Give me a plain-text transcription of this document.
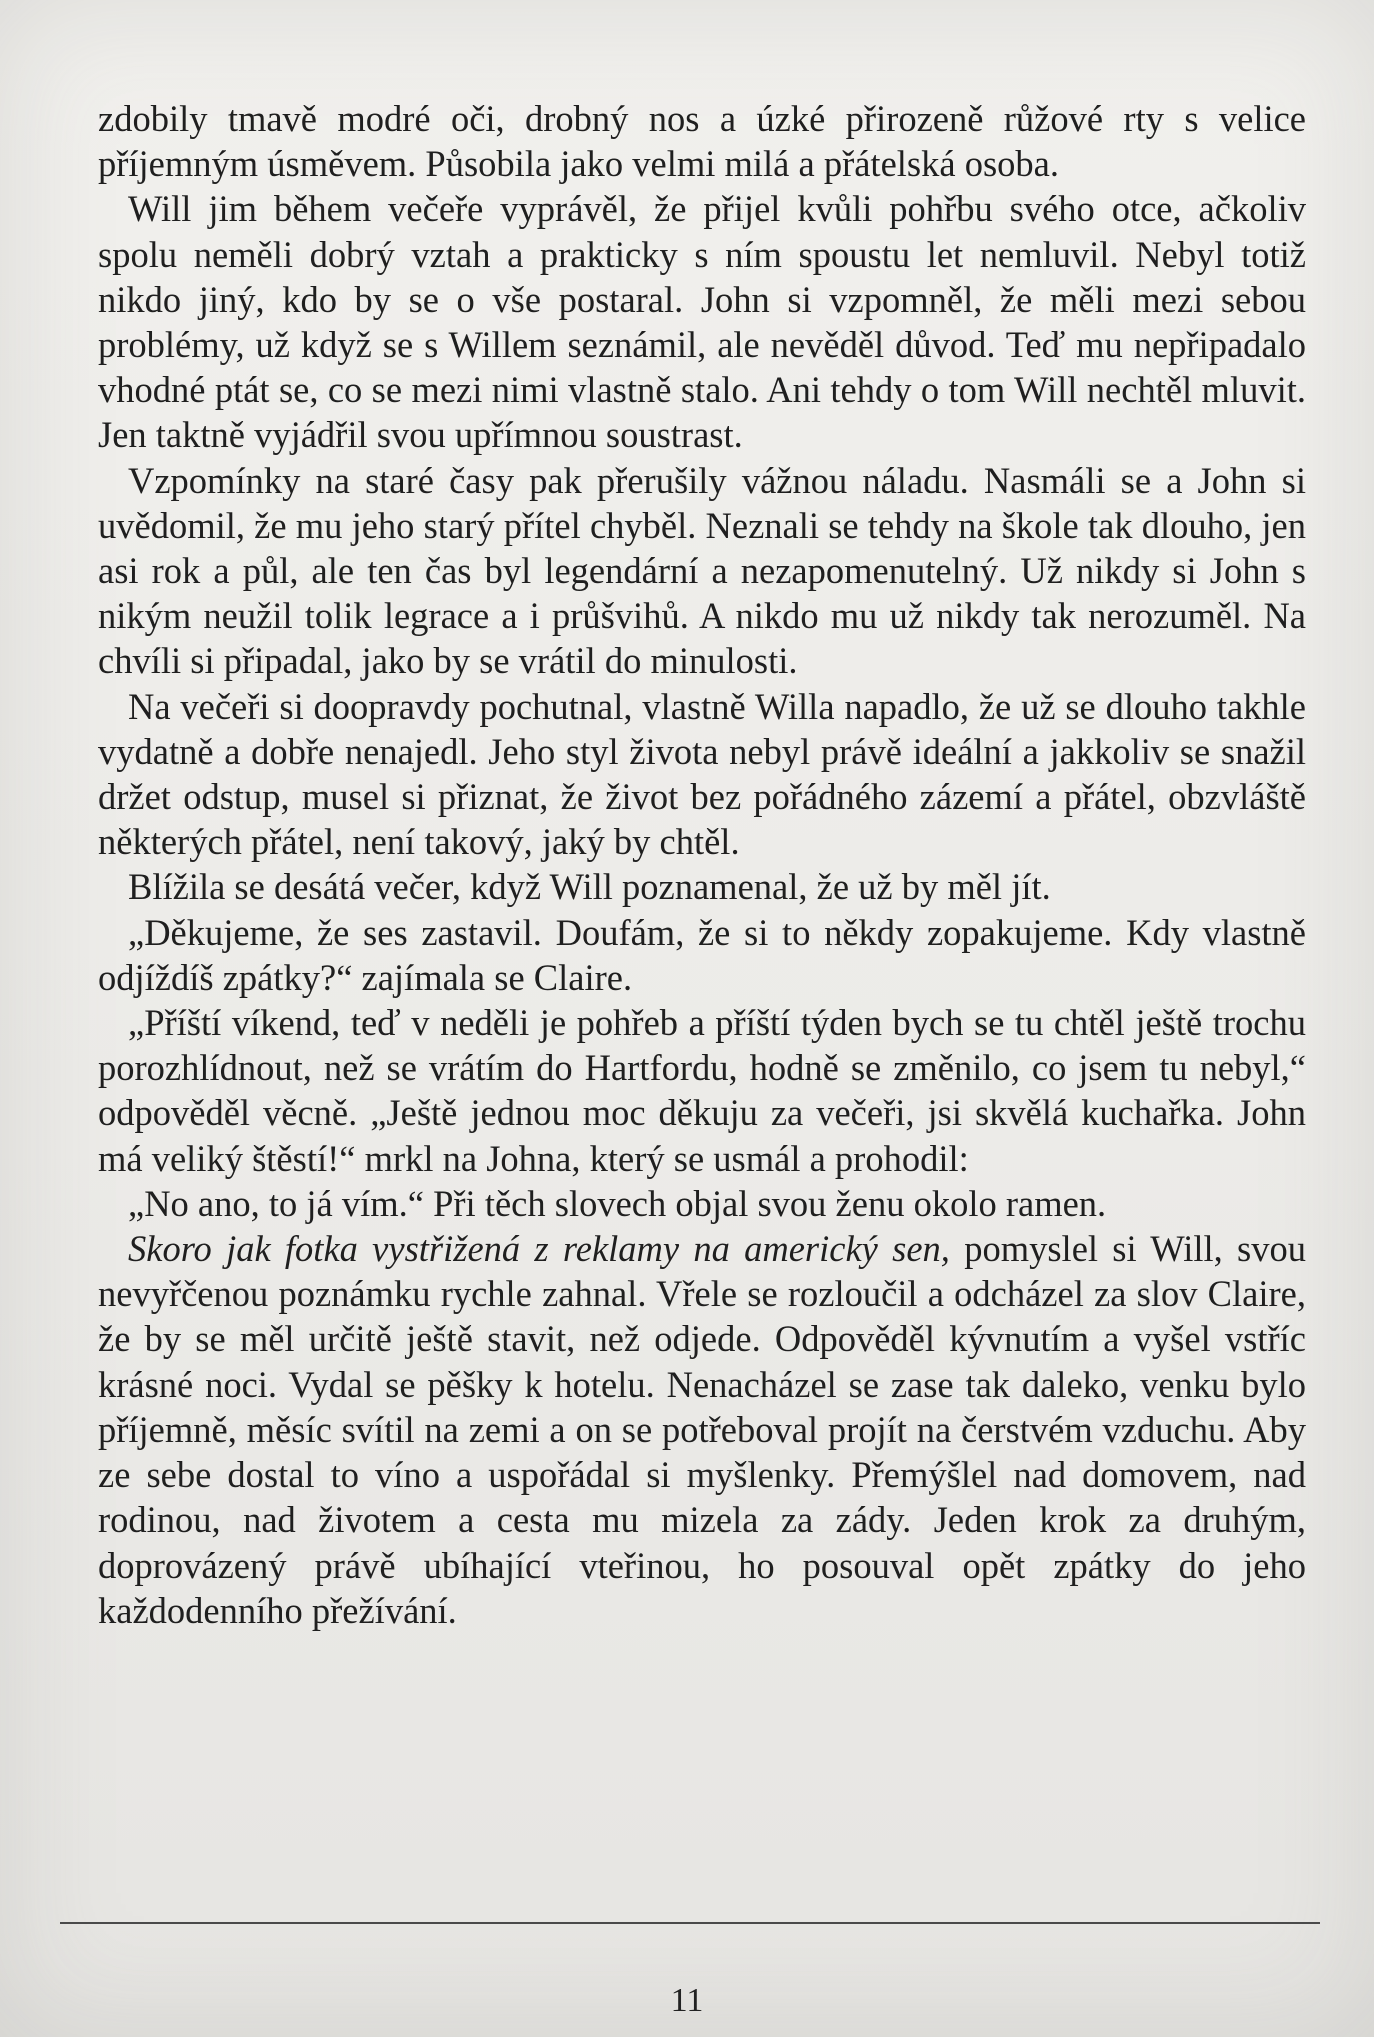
zdobily tmavě modré oči, drobný nos a úzké přirozeně růžové rty s velice příjemným úsměvem. Působila jako velmi milá a přátelská osoba.

Will jim během večeře vyprávěl, že přijel kvůli pohřbu svého otce, ačkoliv spolu neměli dobrý vztah a prakticky s ním spoustu let nemluvil. Nebyl totiž nikdo jiný, kdo by se o vše postaral. John si vzpomněl, že měli mezi sebou problémy, už když se s Willem seznámil, ale nevěděl důvod. Teď mu nepřipadalo vhodné ptát se, co se mezi nimi vlastně stalo. Ani tehdy o tom Will nechtěl mluvit. Jen taktně vyjádřil svou upřímnou soustrast.

Vzpomínky na staré časy pak přerušily vážnou náladu. Nasmáli se a John si uvědomil, že mu jeho starý přítel chyběl. Neznali se tehdy na škole tak dlouho, jen asi rok a půl, ale ten čas byl legendární a nezapomenutelný. Už nikdy si John s nikým neužil tolik legrace a i průšvihů. A nikdo mu už nikdy tak nerozuměl. Na chvíli si připadal, jako by se vrátil do minulosti.

Na večeři si doopravdy pochutnal, vlastně Willa napadlo, že už se dlouho takhle vydatně a dobře nenajedl. Jeho styl života nebyl právě ideální a jakkoliv se snažil držet odstup, musel si přiznat, že život bez pořádného zázemí a přátel, obzvláště některých přátel, není takový, jaký by chtěl.

Blížila se desátá večer, když Will poznamenal, že už by měl jít.

„Děkujeme, že ses zastavil. Doufám, že si to někdy zopakujeme. Kdy vlastně odjíždíš zpátky?“ zajímala se Claire.

„Příští víkend, teď v neděli je pohřeb a příští týden bych se tu chtěl ještě trochu porozhlídnout, než se vrátím do Hartfordu, hodně se změnilo, co jsem tu nebyl,“ odpověděl věcně. „Ještě jednou moc děkuju za večeři, jsi skvělá kuchařka. John má veliký štěstí!“ mrkl na Johna, který se usmál a prohodil:

„No ano, to já vím.“ Při těch slovech objal svou ženu okolo ramen.

Skoro jak fotka vystřižená z reklamy na americký sen, pomyslel si Will, svou nevyřčenou poznámku rychle zahnal. Vřele se rozloučil a odcházel za slov Claire, že by se měl určitě ještě stavit, než odjede. Odpověděl kývnutím a vyšel vstříc krásné noci. Vydal se pěšky k hotelu. Nenacházel se zase tak daleko, venku bylo příjemně, měsíc svítil na zemi a on se potřeboval projít na čerstvém vzduchu. Aby ze sebe dostal to víno a uspořádal si myšlenky. Přemýšlel nad domovem, nad rodinou, nad životem a cesta mu mizela za zády. Jeden krok za druhým, doprovázený právě ubíhající vteřinou, ho posouval opět zpátky do jeho každodenního přežívání.

11
